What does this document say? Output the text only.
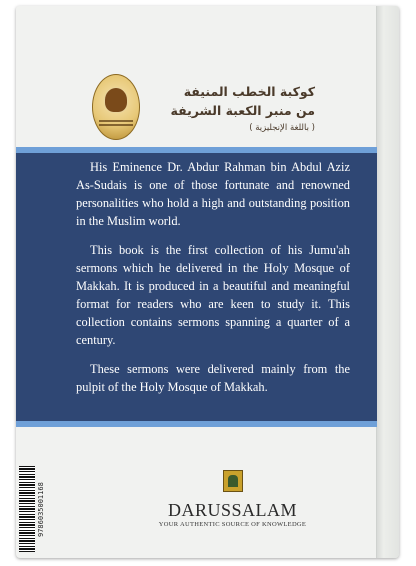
كوكبة الخطب المنيفة
من منبر الكعبة الشريفة
( باللغة الإنجليزية )

His Eminence Dr. Abdur Rahman bin Abdul Aziz As-Sudais is one of those fortunate and renowned personalities who hold a high and outstanding position in the Muslim world.

This book is the first collection of his Jumu'ah sermons which he delivered in the Holy Mosque of Makkah. It is produced in a beautiful and meaningful format for readers who are keen to study it. This collection contains sermons spanning a quarter of a century.

These sermons were delivered mainly from the pulpit of the Holy Mosque of Makkah.

9786035001168	DARUSSALAM
YOUR AUTHENTIC SOURCE OF KNOWLEDGE
